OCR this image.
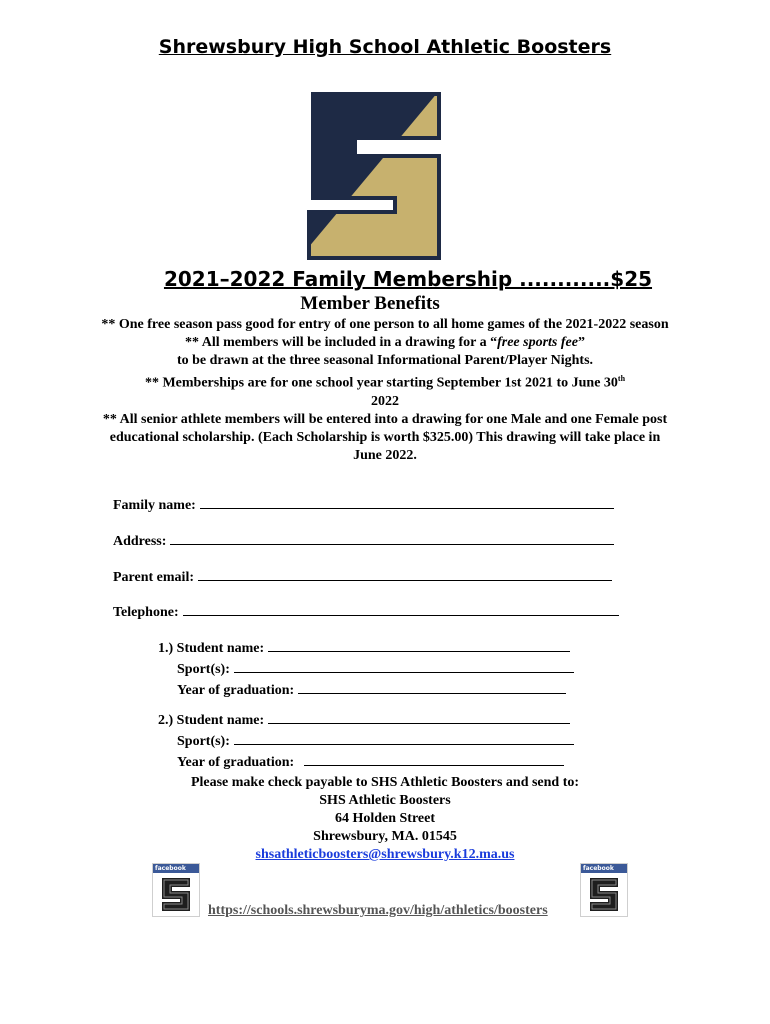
Shrewsbury High School Athletic Boosters
2021–2022 Family Membership ............$25
Member Benefits

** One free season pass good for entry of one person to all home games of the 2021-2022 season

** All members will be included in a drawing for a “free sports fee”
to be drawn at the three seasonal Informational Parent/Player Nights.

** Memberships are for one school year starting September 1st 2021 to June 30th
2022

** All senior athlete members will be entered into a drawing for one Male and one Female post educational scholarship. (Each Scholarship is worth $325.00) This drawing will take place in June 2022.

Family name:
Address:
Parent email:
Telephone:
1.) Student name:
Sport(s):
Year of graduation:
2.) Student name:
Sport(s):
Year of graduation:

Please make check payable to SHS Athletic Boosters and send to:

SHS Athletic Boosters

64 Holden Street

Shrewsbury, MA. 01545

shsathleticboosters@shrewsbury.k12.ma.us

facebook	facebook
https://schools.shrewsburyma.gov/high/athletics/boosters
